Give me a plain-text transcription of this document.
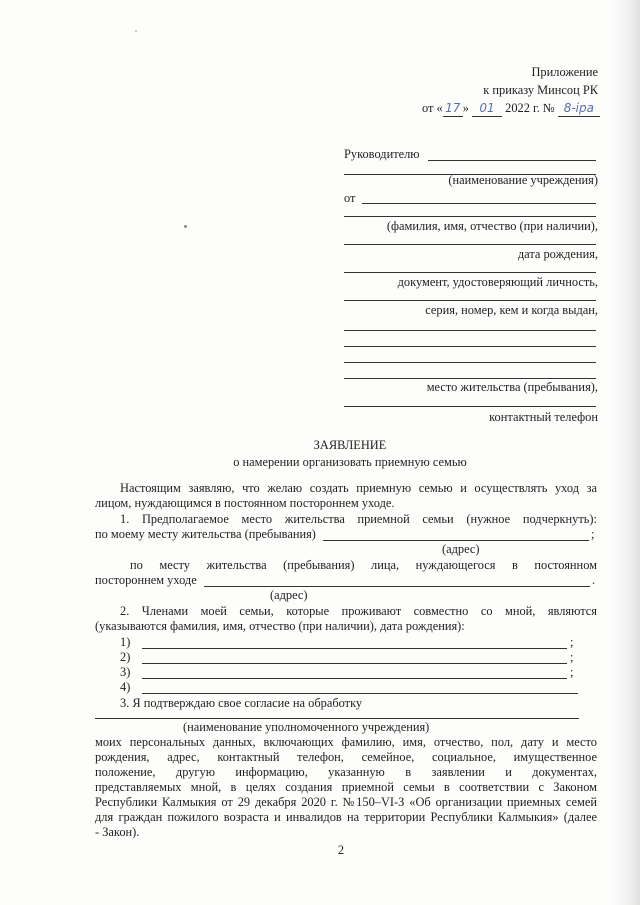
Приложение
к приказу Минсоц РК
от « 17 » 01 2022 г. № 8-ipa
Руководителю
(наименование учреждения)
от
(фамилия, имя, отчество (при наличии),
дата рождения,
документ, удостоверяющий личность,
серия, номер, кем и когда выдан,
место жительства (пребывания),
контактный телефон
ЗАЯВЛЕНИЕ
о намерении организовать приемную семью
Настоящим заявляю, что желаю создать приемную семью и осуществлять уход за
лицом, нуждающимся в постоянном постороннем уходе.
1. Предполагаемое место жительства приемной семьи (нужное подчеркнуть):
по моему месту жительства (пребывания)	;
(адрес)
по месту жительства (пребывания) лица, нуждающегося в постоянном
постороннем уходе	.
(адрес)
2. Членами моей семьи, которые проживают совместно со мной, являются
(указываются фамилия, имя, отчество (при наличии), дата рождения):
1)	;
2)	;
3)	;
4)
3. Я подтверждаю свое согласие на обработку
(наименование уполномоченного учреждения)
моих персональных данных, включающих фамилию, имя, отчество, пол, дату и место
рождения, адрес, контактный телефон, семейное, социальное, имущественное
положение, другую информацию, указанную в заявлении и документах,
представляемых мной, в целях создания приемной семьи в соответствии с Законом
Республики Калмыкия от 29 декабря 2020 г. №150–VI-З «Об организации приемных семей
для граждан пожилого возраста и инвалидов на территории Республики Калмыкия» (далее
- Закон).
2
